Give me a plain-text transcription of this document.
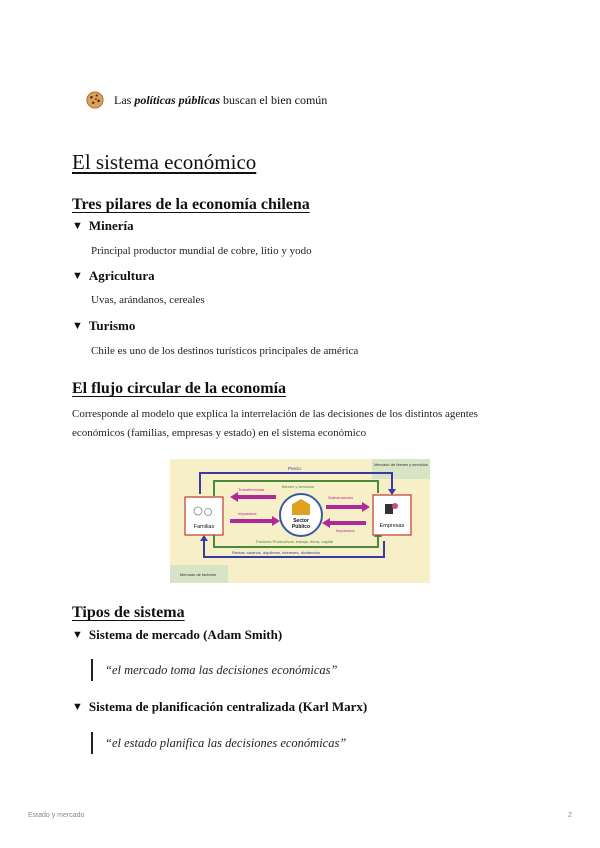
Las políticas públicas buscan el bien común
El sistema económico
Tres pilares de la economía chilena
▼ Minería
Principal productor mundial de cobre, litio y yodo
▼ Agricultura
Uvas, arándanos, cereales
▼ Turismo
Chile es uno de los destinos turísticos principales de américa
El flujo circular de la economía
Corresponde al modelo que explica la interrelación de las decisiones de los distintos agentes económicos (familias, empresas y estado) en el sistema económico
Mercado de bienes y servicios
Mercado de factores
Precio
Rentas: salarios, alquileres, intereses, dividendos
Bienes y servicios
Factores Productivos: trabajo, tierra, capital
Familias	Empresas
Sector Público
Transferencias
Impuestos
Subvenciones
Impuestos
Tipos de sistema
▼ Sistema de mercado (Adam Smith)
“el mercado toma las decisiones económicas”
▼ Sistema de planificación centralizada (Karl Marx)
“el estado planifica las decisiones económicas”
Estado y mercado	2
